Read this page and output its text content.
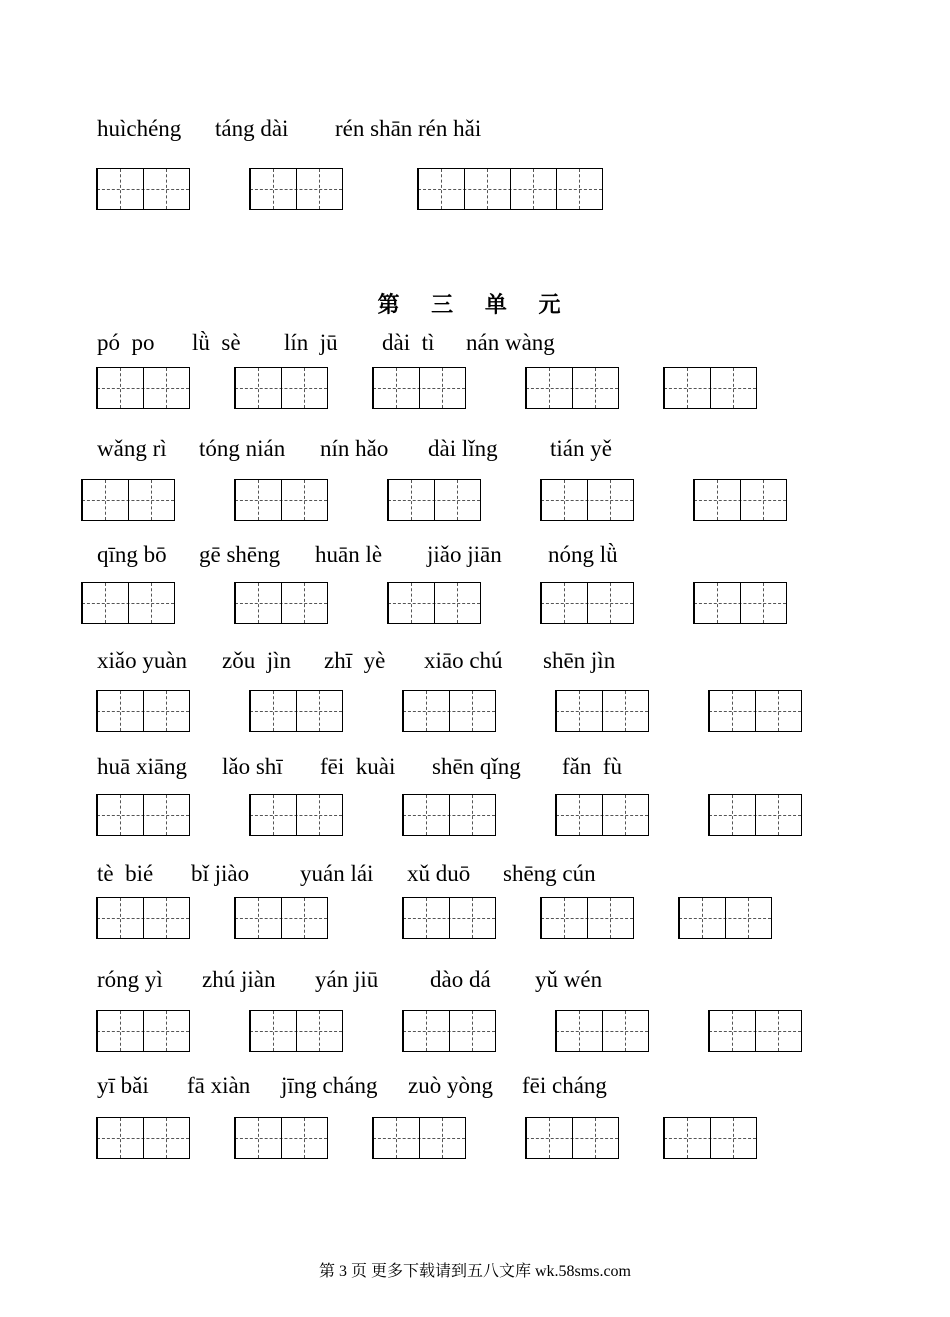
huìchéng táng dài rén shān rén hǎi
第 三 单 元
pó  po lǜ  sè lín  jū dài  tì nán wàng
wǎng rì tóng nián nín hǎo dài lǐng tián yě
qīng bō gē shēng huān lè jiǎo jiān nóng lǜ
xiǎo yuàn zǒu  jìn zhī  yè xiāo chú shēn jìn
huā xiāng lǎo shī fēi  kuài shēn qǐng fǎn  fù
tè  bié bǐ jiào yuán lái xǔ duō shēng cún
róng yì zhú jiàn yán jiū dào dá yǔ wén
yī bǎi fā xiàn jīng cháng zuò yòng fēi cháng
第 3 页 更多下载请到五八文库 wk.58sms.com
